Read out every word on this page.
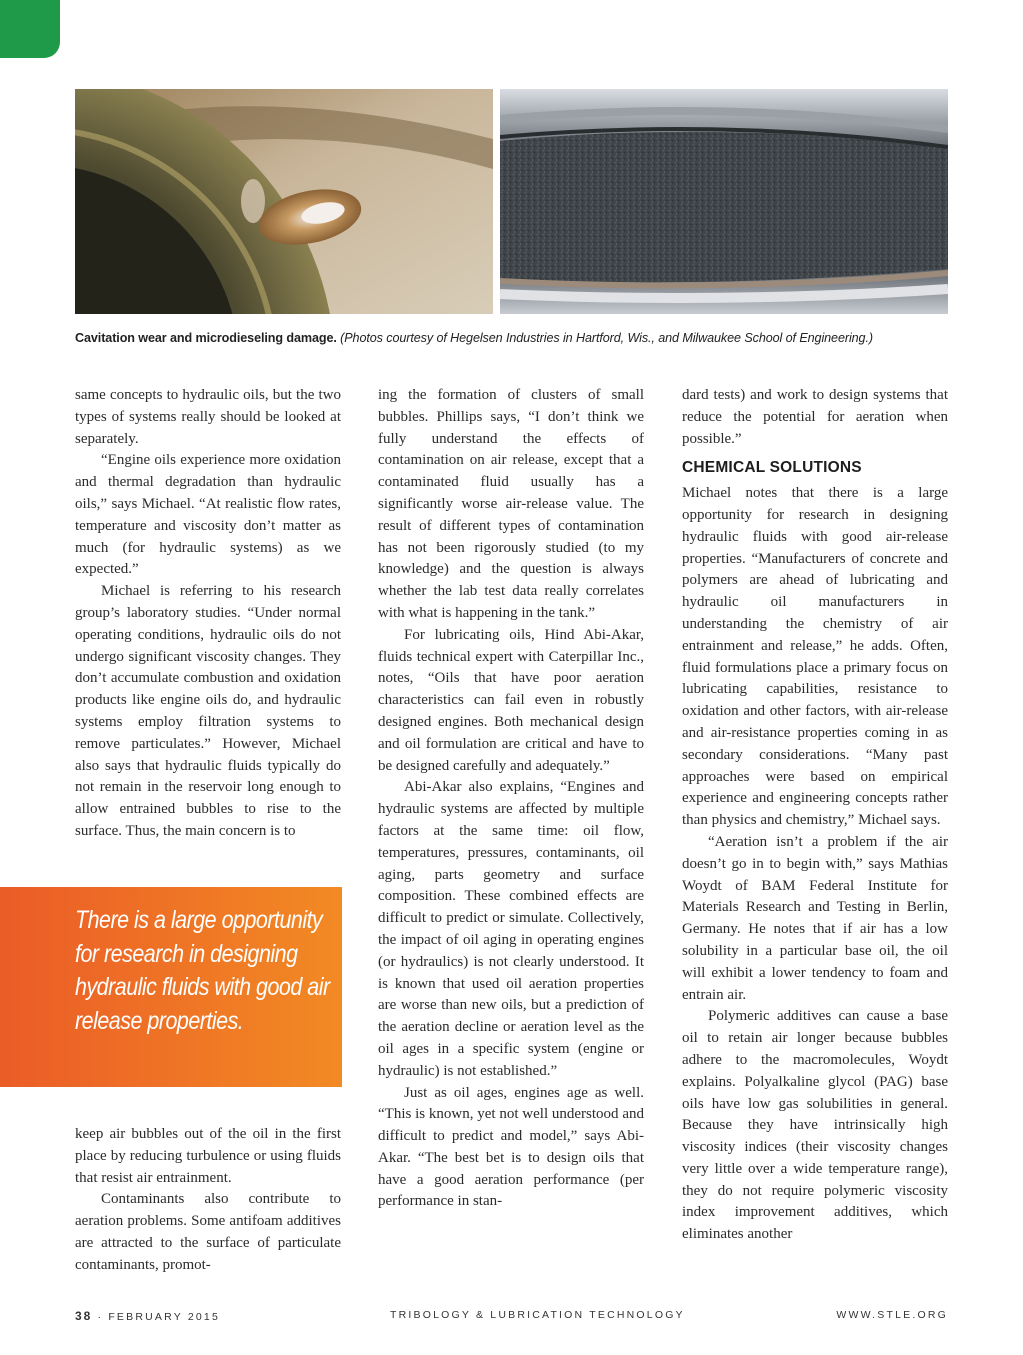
Cavitation wear and microdieseling damage. (Photos courtesy of Hegelsen Industries in Hartford, Wis., and Milwaukee School of Engineering.)

same concepts to hydraulic oils, but the two types of systems really should be looked at separately.

“Engine oils experience more oxidation and thermal degradation than hydraulic oils,” says Michael. “At realistic flow rates, temperature and viscosity don’t matter as much (for hydraulic systems) as we expected.”

Michael is referring to his research group’s laboratory studies. “Under normal operating conditions, hydraulic oils do not undergo significant viscosity changes. They don’t accumulate combustion and oxidation products like engine oils do, and hydraulic systems employ filtration systems to remove particulates.” However, Michael also says that hydraulic fluids typically do not remain in the reservoir long enough to allow entrained bubbles to rise to the surface. Thus, the main concern is to

There is a large opportunity for research in designing hydraulic fluids with good air release properties.

keep air bubbles out of the oil in the first place by reducing turbulence or using fluids that resist air entrainment.

Contaminants also contribute to aeration problems. Some antifoam additives are attracted to the surface of particulate contaminants, promot-

ing the formation of clusters of small bubbles. Phillips says, “I don’t think we fully understand the effects of contamination on air release, except that a contaminated fluid usually has a significantly worse air-release value. The result of different types of contamination has not been rigorously studied (to my knowledge) and the question is always whether the lab test data really correlates with what is happening in the tank.”

For lubricating oils, Hind Abi-Akar, fluids technical expert with Caterpillar Inc., notes, “Oils that have poor aeration characteristics can fail even in robustly designed engines. Both mechanical design and oil formulation are critical and have to be designed carefully and adequately.”

Abi-Akar also explains, “Engines and hydraulic systems are affected by multiple factors at the same time: oil flow, temperatures, pressures, contaminants, oil aging, parts geometry and surface composition. These combined effects are difficult to predict or simulate. Collectively, the impact of oil aging in operating engines (or hydraulics) is not clearly understood. It is known that used oil aeration properties are worse than new oils, but a prediction of the aeration decline or aeration level as the oil ages in a specific system (engine or hydraulic) is not established.”

Just as oil ages, engines age as well. “This is known, yet not well understood and difficult to predict and model,” says Abi-Akar. “The best bet is to design oils that have a good aeration performance (per performance in stan-

dard tests) and work to design systems that reduce the potential for aeration when possible.”

CHEMICAL SOLUTIONS

Michael notes that there is a large opportunity for research in designing hydraulic fluids with good air-release properties. “Manufacturers of concrete and polymers are ahead of lubricating and hydraulic oil manufacturers in understanding the chemistry of air entrainment and release,” he adds. Often, fluid formulations place a primary focus on lubricating capabilities, resistance to oxidation and other factors, with air-release and air-resistance properties coming in as secondary considerations. “Many past approaches were based on empirical experience and engineering concepts rather than physics and chemistry,” Michael says.

“Aeration isn’t a problem if the air doesn’t go in to begin with,” says Mathias Woydt of BAM Federal Institute for Materials Research and Testing in Berlin, Germany. He notes that if air has a low solubility in a particular base oil, the oil will exhibit a lower tendency to foam and entrain air.

Polymeric additives can cause a base oil to retain air longer because bubbles adhere to the macromolecules, Woydt explains. Polyalkaline glycol (PAG) base oils have low gas solubilities in general. Because they have intrinsically high viscosity indices (their viscosity changes very little over a wide temperature range), they do not require polymeric viscosity index improvement additives, which eliminates another

38 · FEBRUARY 2015	TRIBOLOGY & LUBRICATION TECHNOLOGY	WWW.STLE.ORG
